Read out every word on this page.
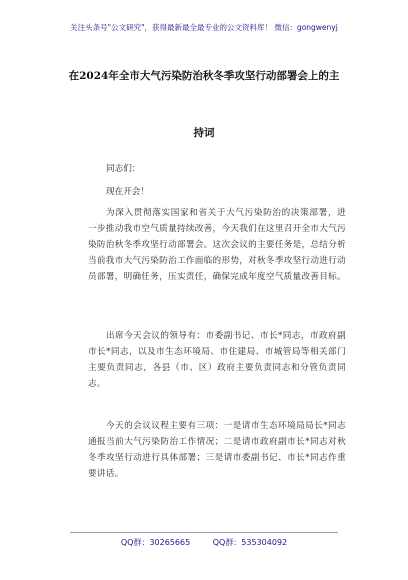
关注头条号"公文研究"，获得最新最全最专业的公文资料库！ 微信：gongwenyj
在2024年全市大气污染防治秋冬季攻坚行动部署会上的主
持词
同志们：
现在开会！

为深入贯彻落实国家和省关于大气污染防治的决策部署，进一步推动我市空气质量持续改善，今天我们在这里召开全市大气污染防治秋冬季攻坚行动部署会。这次会议的主要任务是，总结分析当前我市大气污染防治工作面临的形势，对秋冬季攻坚行动进行动员部署，明确任务，压实责任，确保完成年度空气质量改善目标。

出席今天会议的领导有：市委副书记、市长*同志，市政府副市长*同志，以及市生态环境局、市住建局、市城管局等相关部门主要负责同志，各县（市、区）政府主要负责同志和分管负责同志。

今天的会议议程主要有三项：一是请市生态环境局局长*同志通报当前大气污染防治工作情况；二是请市政府副市长*同志对秋冬季攻坚行动进行具体部署；三是请市委副书记、市长*同志作重要讲话。

QQ群：30265665	QQ群：535304092
